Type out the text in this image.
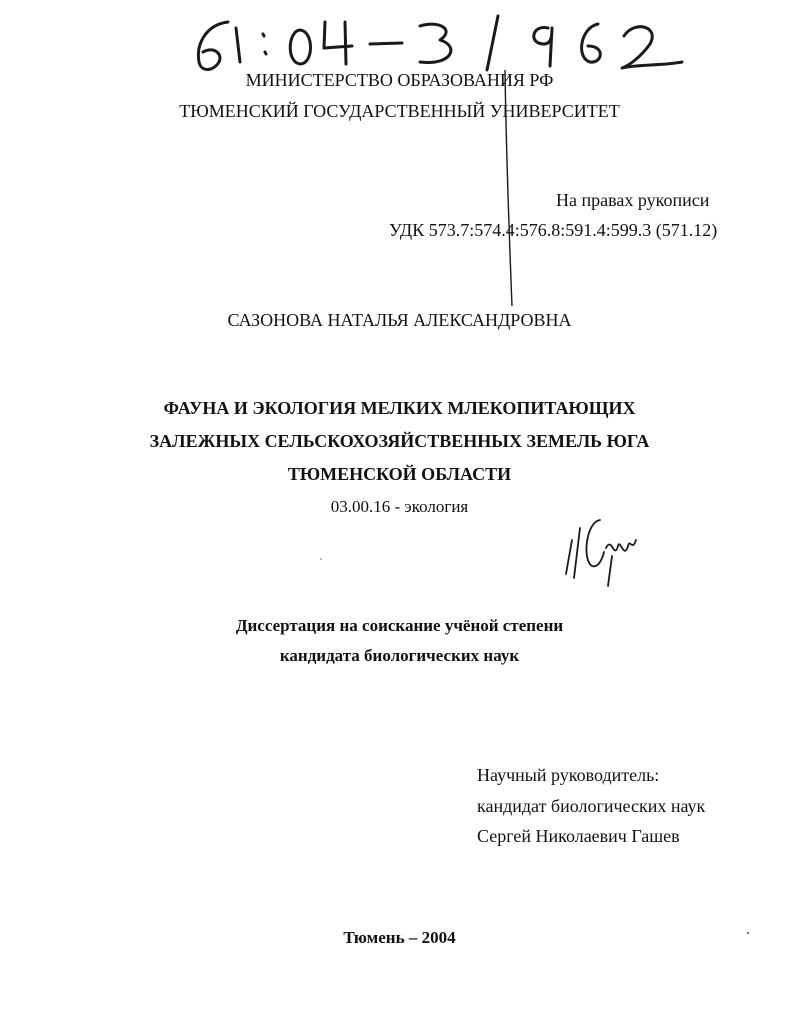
МИНИСТЕРСТВО ОБРАЗОВАНИЯ РФ
ТЮМЕНСКИЙ ГОСУДАРСТВЕННЫЙ УНИВЕРСИТЕТ
На правах рукописи
УДК 573.7:574.4:576.8:591.4:599.3 (571.12)
САЗОНОВА НАТАЛЬЯ АЛЕКСАНДРОВНА
ФАУНА И ЭКОЛОГИЯ МЕЛКИХ МЛЕКОПИТАЮЩИХ
ЗАЛЕЖНЫХ СЕЛЬСКОХОЗЯЙСТВЕННЫХ ЗЕМЕЛЬ ЮГА
ТЮМЕНСКОЙ ОБЛАСТИ
03.00.16 - экология
Диссертация на соискание учёной степени
кандидата биологических наук
Научный руководитель:
кандидат биологических наук
Сергей Николаевич Гашев
Тюмень – 2004
